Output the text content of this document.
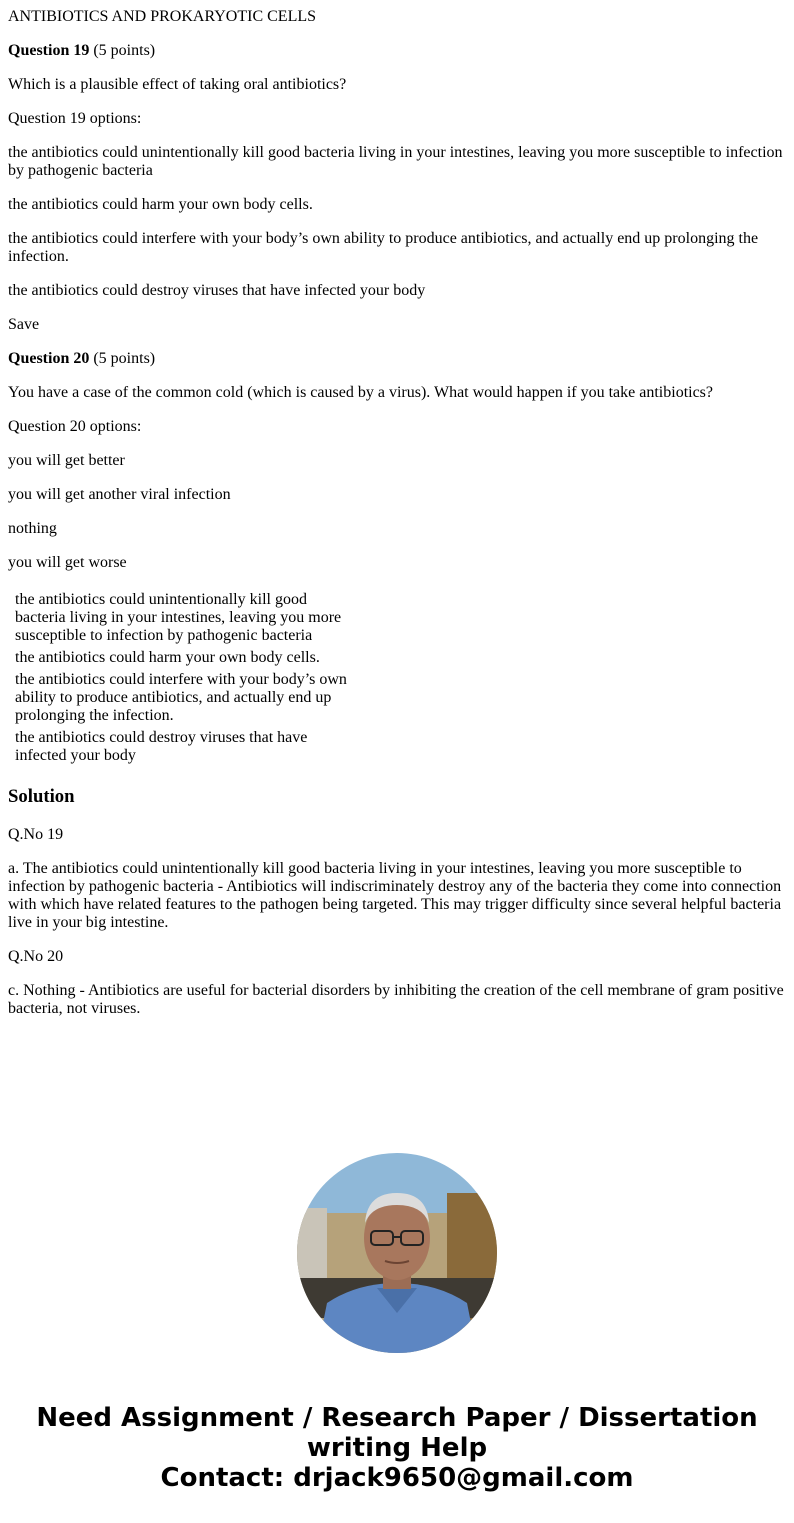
ANTIBIOTICS AND PROKARYOTIC CELLS

Question 19 (5 points)

Which is a plausible effect of taking oral antibiotics?

Question 19 options:

the antibiotics could unintentionally kill good bacteria living in your intestines, leaving you more susceptible to infection by pathogenic bacteria

the antibiotics could harm your own body cells.

the antibiotics could interfere with your body’s own ability to produce antibiotics, and actually end up prolonging the infection.

the antibiotics could destroy viruses that have infected your body

Save

Question 20 (5 points)

You have a case of the common cold (which is caused by a virus). What would happen if you take antibiotics?

Question 20 options:

you will get better

you will get another viral infection

nothing

you will get worse

the antibiotics could unintentionally kill good bacteria living in your intestines, leaving you more susceptible to infection by pathogenic bacteria
the antibiotics could harm your own body cells.
the antibiotics could interfere with your body’s own ability to produce antibiotics, and actually end up prolonging the infection.
the antibiotics could destroy viruses that have infected your body
Solution

Q.No 19

a. The antibiotics could unintentionally kill good bacteria living in your intestines, leaving you more susceptible to infection by pathogenic bacteria - Antibiotics will indiscriminately destroy any of the bacteria they come into connection with which have related features to the pathogen being targeted. This may trigger difficulty since several helpful bacteria live in your big intestine.

Q.No 20

c. Nothing - Antibiotics are useful for bacterial disorders by inhibiting the creation of the cell membrane of gram positive bacteria, not viruses.

Need Assignment / Research Paper / Dissertation
writing Help
Contact: drjack9650@gmail.com
